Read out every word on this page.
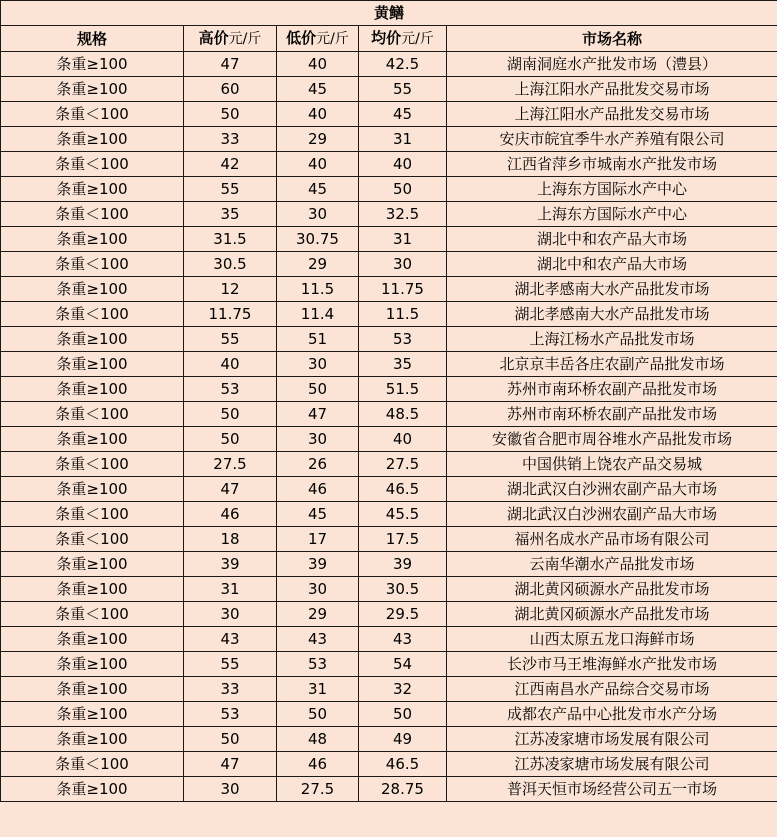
黄鳝				
规格	高价元/斤	低价元/斤	均价元/斤	市场名称
条重≥100	47	40	42.5	湖南洞庭水产批发市场（澧县）
条重≥100	60	45	55	上海江阳水产品批发交易市场
条重＜100	50	40	45	上海江阳水产品批发交易市场
条重≥100	33	29	31	安庆市皖宜季牛水产养殖有限公司
条重＜100	42	40	40	江西省萍乡市城南水产批发市场
条重≥100	55	45	50	上海东方国际水产中心
条重＜100	35	30	32.5	上海东方国际水产中心
条重≥100	31.5	30.75	31	湖北中和农产品大市场
条重＜100	30.5	29	30	湖北中和农产品大市场
条重≥100	12	11.5	11.75	湖北孝感南大水产品批发市场
条重＜100	11.75	11.4	11.5	湖北孝感南大水产品批发市场
条重≥100	55	51	53	上海江杨水产品批发市场
条重≥100	40	30	35	北京京丰岳各庄农副产品批发市场
条重≥100	53	50	51.5	苏州市南环桥农副产品批发市场
条重＜100	50	47	48.5	苏州市南环桥农副产品批发市场
条重≥100	50	30	40	安徽省合肥市周谷堆水产品批发市场
条重＜100	27.5	26	27.5	中国供销上饶农产品交易城
条重≥100	47	46	46.5	湖北武汉白沙洲农副产品大市场
条重＜100	46	45	45.5	湖北武汉白沙洲农副产品大市场
条重＜100	18	17	17.5	福州名成水产品市场有限公司
条重≥100	39	39	39	云南华潮水产品批发市场
条重≥100	31	30	30.5	湖北黄冈硕源水产品批发市场
条重＜100	30	29	29.5	湖北黄冈硕源水产品批发市场
条重≥100	43	43	43	山西太原五龙口海鲜市场
条重≥100	55	53	54	长沙市马王堆海鲜水产批发市场
条重≥100	33	31	32	江西南昌水产品综合交易市场
条重≥100	53	50	50	成都农产品中心批发市水产分场
条重≥100	50	48	49	江苏凌家塘市场发展有限公司
条重＜100	47	46	46.5	江苏凌家塘市场发展有限公司
条重≥100	30	27.5	28.75	普洱天恒市场经营公司五一市场
